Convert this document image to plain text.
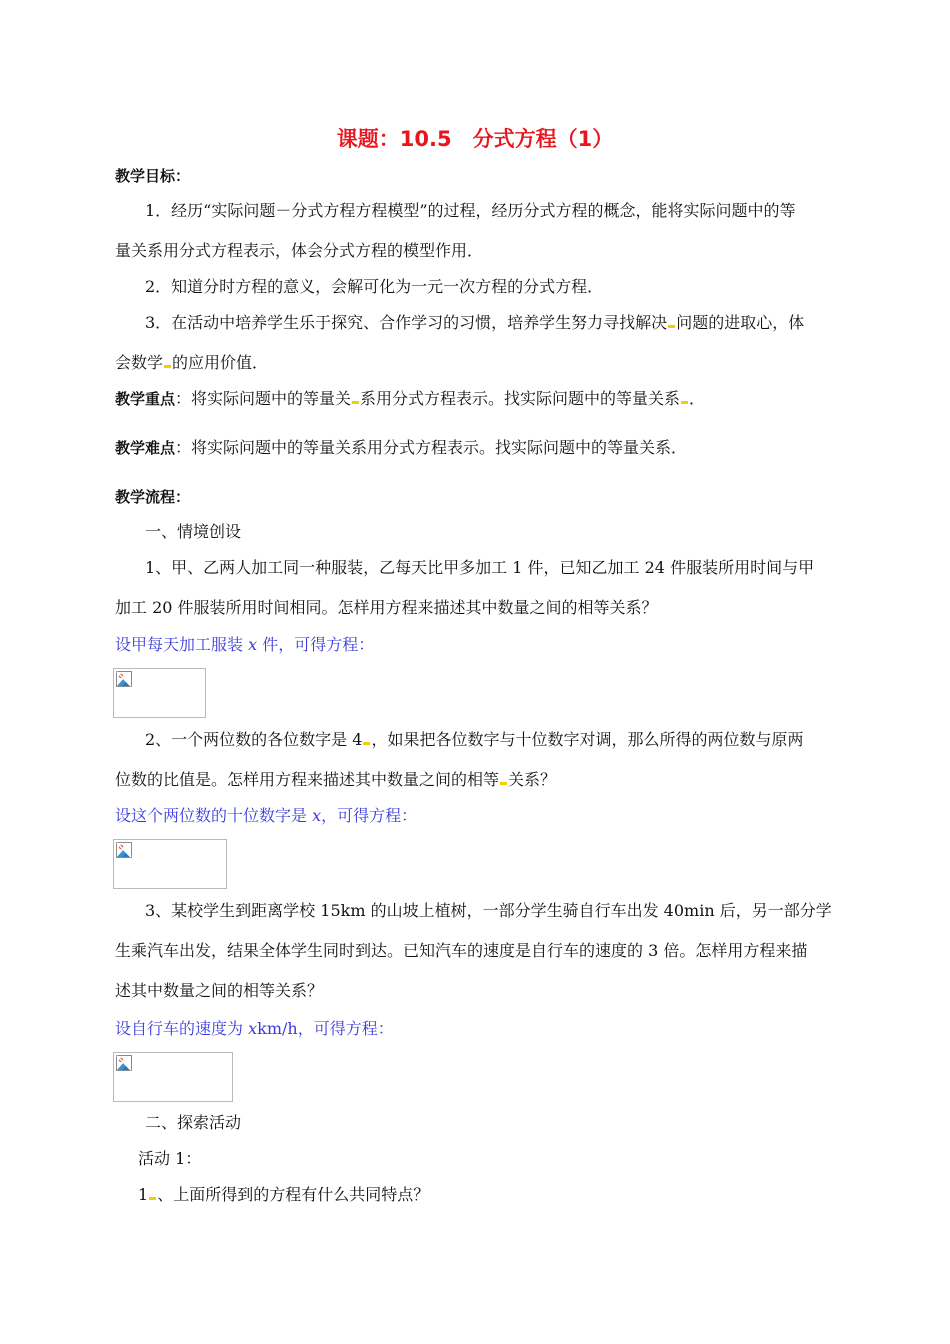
课题：10.5　分式方程（1）
教学目标：
1．经历“实际问题－分式方程方程模型”的过程，经历分式方程的概念，能将实际问题中的等
量关系用分式方程表示，体会分式方程的模型作用．
2．知道分时方程的意义，会解可化为一元一次方程的分式方程．
3．在活动中培养学生乐于探究、合作学习的习惯，培养学生努力寻找解决 问题的进取心，体
会数学 的应用价值．
教学重点：将实际问题中的等量关 系用分式方程表示。找实际问题中的等量关系 ．
教学难点：将实际问题中的等量关系用分式方程表示。找实际问题中的等量关系．
教学流程：
一、情境创设
1、甲、乙两人加工同一种服装，乙每天比甲多加工 1 件，已知乙加工 24 件服装所用时间与甲
加工 20 件服装所用时间相同。怎样用方程来描述其中数量之间的相等关系？
设甲每天加工服装 x 件，可得方程：
2、一个两位数的各位数字是 4 ，如果把各位数字与十位数字对调，那么所得的两位数与原两
位数的比值是。怎样用方程来描述其中数量之间的相等 关系？
设这个两位数的十位数字是 x，可得方程：
3、某校学生到距离学校 15km 的山坡上植树，一部分学生骑自行车出发 40min 后，另一部分学
生乘汽车出发，结果全体学生同时到达。已知汽车的速度是自行车的速度的 3 倍。怎样用方程来描
述其中数量之间的相等关系？
设自行车的速度为 xkm/h，可得方程：
二、探索活动
活动 1：
1 、上面所得到的方程有什么共同特点？
